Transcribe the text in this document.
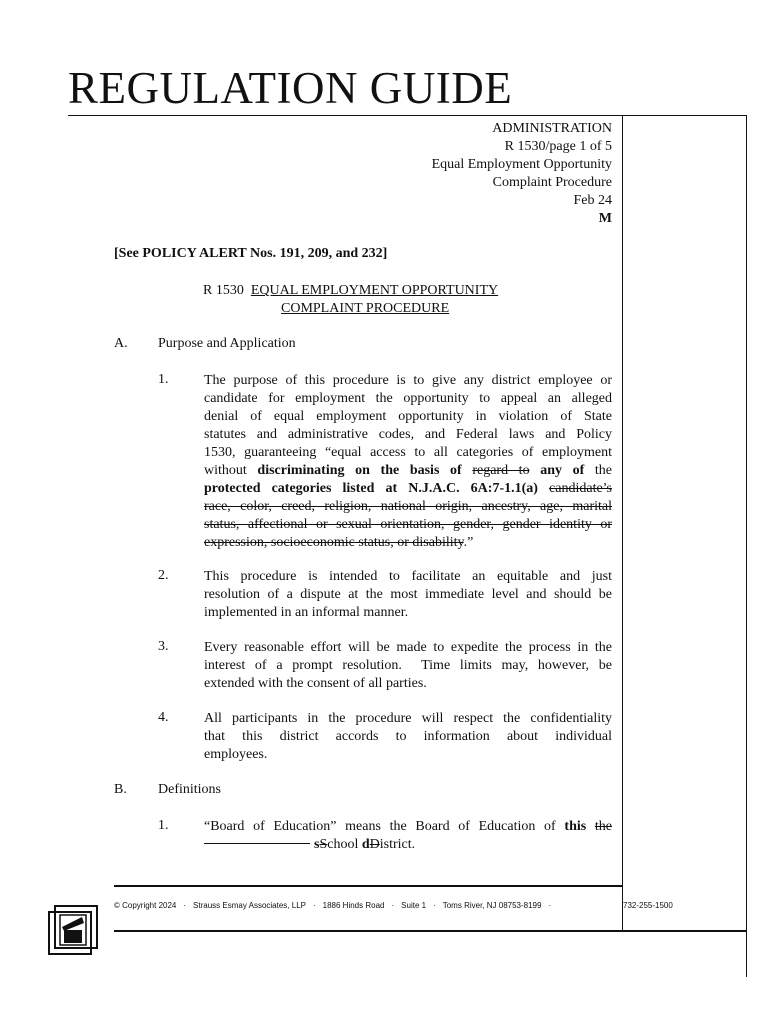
REGULATION GUIDE
ADMINISTRATION
R 1530/page 1 of 5
Equal Employment Opportunity
Complaint Procedure
Feb 24
M
[See POLICY ALERT Nos. 191, 209, and 232]
R 1530 EQUAL EMPLOYMENT OPPORTUNITY
COMPLAINT PROCEDURE
A. Purpose and Application
1.	The purpose of this procedure is to give any district employee or
candidate for employment the opportunity to appeal an alleged
denial of equal employment opportunity in violation of State
statutes and administrative codes, and Federal laws and Policy
1530, guaranteeing “equal access to all categories of employment
without discriminating on the basis of regard to any of the
protected categories listed at N.J.A.C. 6A:7-1.1(a) candidate’s
race, color, creed, religion, national origin, ancestry, age, marital
status, affectional or sexual orientation, gender, gender identity or
expression, socioeconomic status, or disability.”
2.	This procedure is intended to facilitate an equitable and just
resolution of a dispute at the most immediate level and should be
implemented in an informal manner.
3.	Every reasonable effort will be made to expedite the process in the
interest of a prompt resolution.  Time limits may, however, be
extended with the consent of all parties.
4.	All participants in the procedure will respect the confidentiality
that this district accords to information about individual
employees.
B. Definitions
1.	“Board of Education” means the Board of Education of this the
sSchool dDistrict.
© Copyright 2024 · Strauss Esmay Associates, LLP · 1886 Hinds Road · Suite 1 · Toms River, NJ 08753-8199 ·	732-255-1500
